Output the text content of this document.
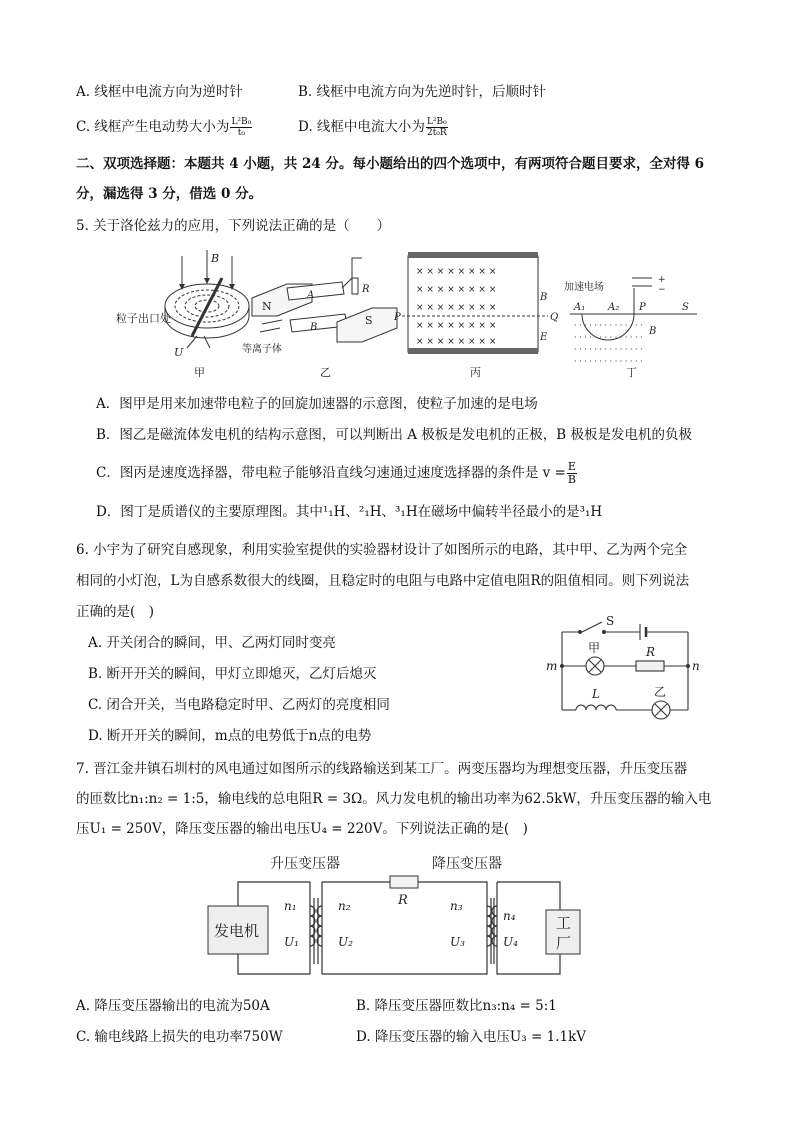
A. 线框中电流方向为逆时针	B. 线框中电流方向为先逆时针，后顺时针
C. 线框产生电动势大小为 $\frac{\text{L²B₀}}{\text{t₀}}$	D. 线框中电流大小为 $\frac{\text{L²B₀}}{\text{2t₀R}}$
二、双项选择题：本题共 4 小题，共 24 分。每小题给出的四个选项中，有两项符合题目要求，全对得 6
分，漏选得 3 分，借选 0 分。
5. 关于洛伦兹力的应用，下列说法正确的是（　　）
B
U
粒子出口处
甲
N
A
B
S
R
等离子体
乙
× × × × × × × ×
× × × × × × × ×
× × × × × × × ×
× × × × × × × ×
× × × × × × × ×
P	Q
B
E
丙
加速电场
+
−
A₁ A₂ P	S
B
· · · · · · · · · · · · · ·
· · · · · · · · · · · · · ·
· · · · · · · · · · · · · ·
· · · · · · · · · · · · · ·
丁
A．图甲是用来加速带电粒子的回旋加速器的示意图，使粒子加速的是电场
B．图乙是磁流体发电机的结构示意图，可以判断出 A 极板是发电机的正极，B 极板是发电机的负极
C．图丙是速度选择器，带电粒子能够沿直线匀速通过速度选择器的条件是 $v = \frac{E}{B}$
D．图丁是质谱仪的主要原理图。其中¹₁H、²₁H、³₁H在磁场中偏转半径最小的是³₁H
6. 小宇为了研究自感现象，利用实验室提供的实验器材设计了如图所示的电路，其中甲、乙为两个完全
相同的小灯泡，L为自感系数很大的线圈，且稳定时的电阻与电路中定值电阻R的阻值相同。则下列说法
正确的是(　)
A. 开关闭合的瞬间，甲、乙两灯同时变亮
B. 断开开关的瞬间，甲灯立即熄灭，乙灯后熄灭
C. 闭合开关，当电路稳定时甲、乙两灯的亮度相同
D. 断开开关的瞬间，m点的电势低于n点的电势
S
甲	R
m	n
L	乙
7. 晋江金井镇石圳村的风电通过如图所示的线路输送到某工厂。两变压器均为理想变压器，升压变压器
的匝数比n₁:n₂ = 1:5，输电线的总电阻R = 3Ω。风力发电机的输出功率为62.5kW，升压变压器的输入电
压U₁ = 250V，降压变压器的输出电压U₄ = 220V。下列说法正确的是(　)
升压变压器	降压变压器
R
发电机	工
厂
n₁
U₁
n₂
U₂
n₃
U₃
n₄
U₄
A. 降压变压器输出的电流为50A	B. 降压变压器匝数比n₃:n₄ = 5:1
C. 输电线路上损失的电功率750W	D. 降压变压器的输入电压U₃ = 1.1kV
